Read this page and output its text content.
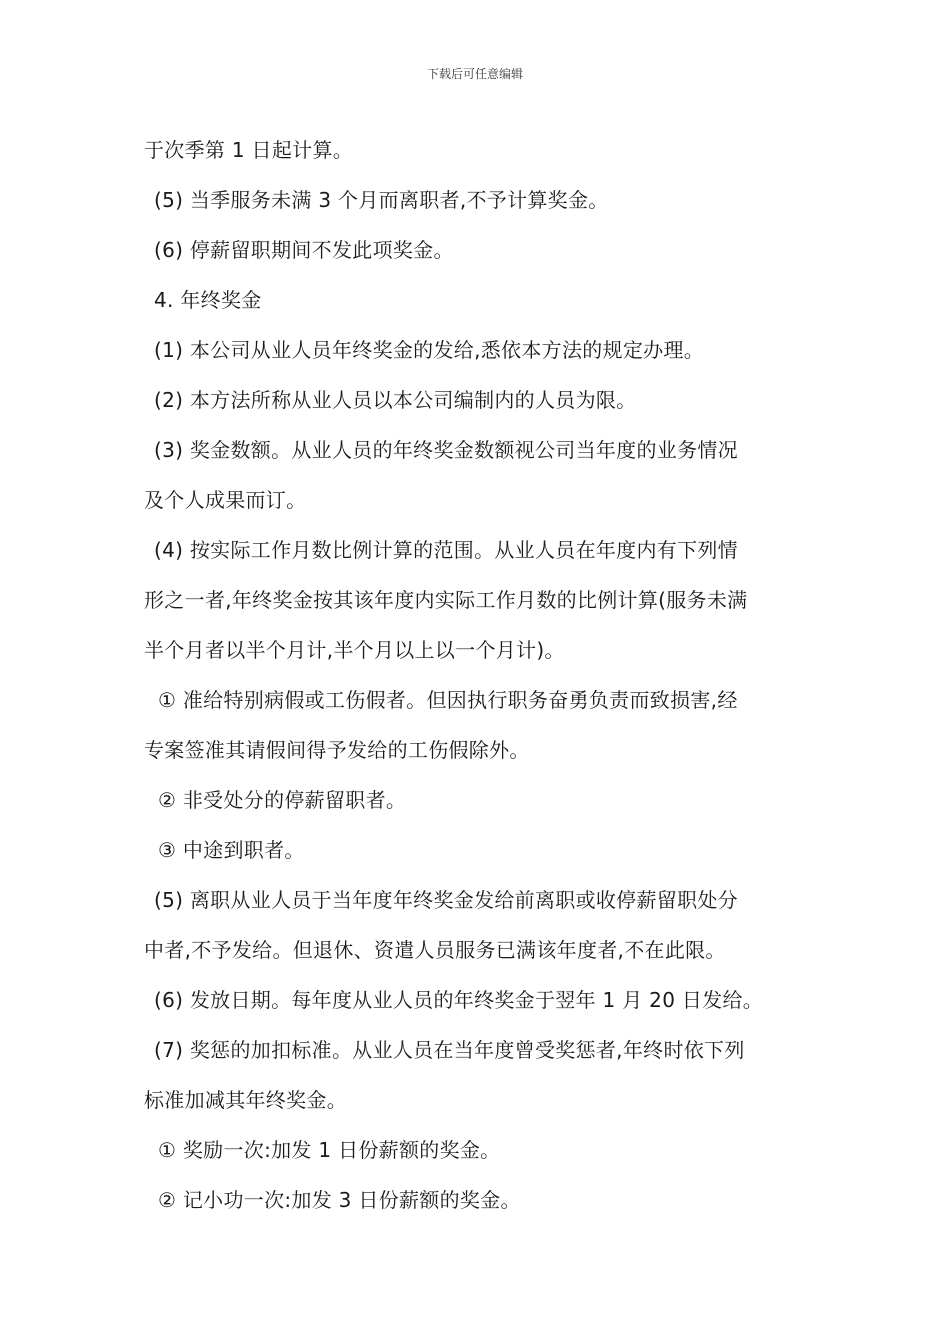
下载后可任意编辑
于次季第 1 日起计算。
(5) 当季服务未满 3 个月而离职者,不予计算奖金。
(6) 停薪留职期间不发此项奖金。
4. 年终奖金
(1) 本公司从业人员年终奖金的发给,悉依本方法的规定办理。
(2) 本方法所称从业人员以本公司编制内的人员为限。
(3) 奖金数额。从业人员的年终奖金数额视公司当年度的业务情况
及个人成果而订。
(4) 按实际工作月数比例计算的范围。从业人员在年度内有下列情
形之一者,年终奖金按其该年度内实际工作月数的比例计算(服务未满
半个月者以半个月计,半个月以上以一个月计)。
① 准给特别病假或工伤假者。但因执行职务奋勇负责而致损害,经
专案签准其请假间得予发给的工伤假除外。
② 非受处分的停薪留职者。
③ 中途到职者。
(5) 离职从业人员于当年度年终奖金发给前离职或收停薪留职处分
中者,不予发给。但退休、资遣人员服务已满该年度者,不在此限。
(6) 发放日期。每年度从业人员的年终奖金于翌年 1 月 20 日发给。
(7) 奖惩的加扣标准。从业人员在当年度曾受奖惩者,年终时依下列
标准加减其年终奖金。
① 奖励一次:加发 1 日份薪额的奖金。
② 记小功一次:加发 3 日份薪额的奖金。
